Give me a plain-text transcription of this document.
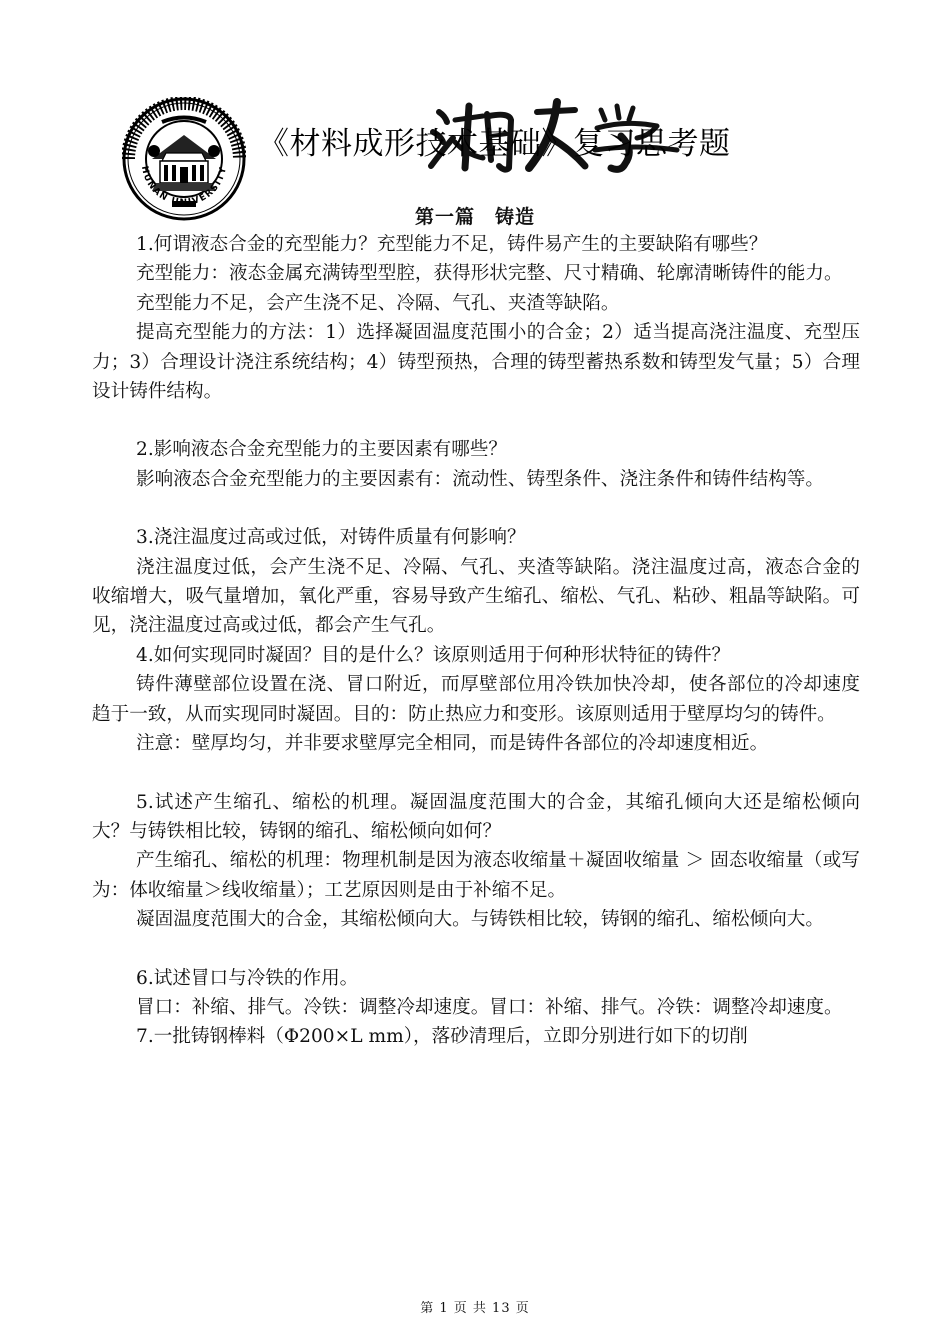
HUNAN UNIVERSITY
《材料成形技术基础》复习思考题
第一篇　铸造

1.何谓液态合金的充型能力？充型能力不足，铸件易产生的主要缺陷有哪些？

充型能力：液态金属充满铸型型腔，获得形状完整、尺寸精确、轮廓清晰铸件的能力。

充型能力不足，会产生浇不足、冷隔、气孔、夹渣等缺陷。

提高充型能力的方法：1）选择凝固温度范围小的合金；2）适当提高浇注温度、充型压力；3）合理设计浇注系统结构；4）铸型预热，合理的铸型蓄热系数和铸型发气量；5）合理设计铸件结构。

2.影响液态合金充型能力的主要因素有哪些？

影响液态合金充型能力的主要因素有：流动性、铸型条件、浇注条件和铸件结构等。

3.浇注温度过高或过低，对铸件质量有何影响？

浇注温度过低，会产生浇不足、冷隔、气孔、夹渣等缺陷。浇注温度过高，液态合金的收缩增大，吸气量增加，氧化严重，容易导致产生缩孔、缩松、气孔、粘砂、粗晶等缺陷。可见，浇注温度过高或过低，都会产生气孔。

4.如何实现同时凝固？目的是什么？该原则适用于何种形状特征的铸件？

铸件薄壁部位设置在浇、冒口附近，而厚壁部位用冷铁加快冷却，使各部位的冷却速度趋于一致，从而实现同时凝固。目的：防止热应力和变形。该原则适用于壁厚均匀的铸件。

注意：壁厚均匀，并非要求壁厚完全相同，而是铸件各部位的冷却速度相近。

5.试述产生缩孔、缩松的机理。凝固温度范围大的合金，其缩孔倾向大还是缩松倾向大？与铸铁相比较，铸钢的缩孔、缩松倾向如何？

产生缩孔、缩松的机理：物理机制是因为液态收缩量＋凝固收缩量 ＞ 固态收缩量（或写为：体收缩量＞线收缩量）；工艺原因则是由于补缩不足。

凝固温度范围大的合金，其缩松倾向大。与铸铁相比较，铸钢的缩孔、缩松倾向大。

6.试述冒口与冷铁的作用。

冒口：补缩、排气。冷铁：调整冷却速度。冒口：补缩、排气。冷铁：调整冷却速度。

7.一批铸钢棒料（Φ200×L mm），落砂清理后，立即分别进行如下的切削

第 1 页 共 13 页
